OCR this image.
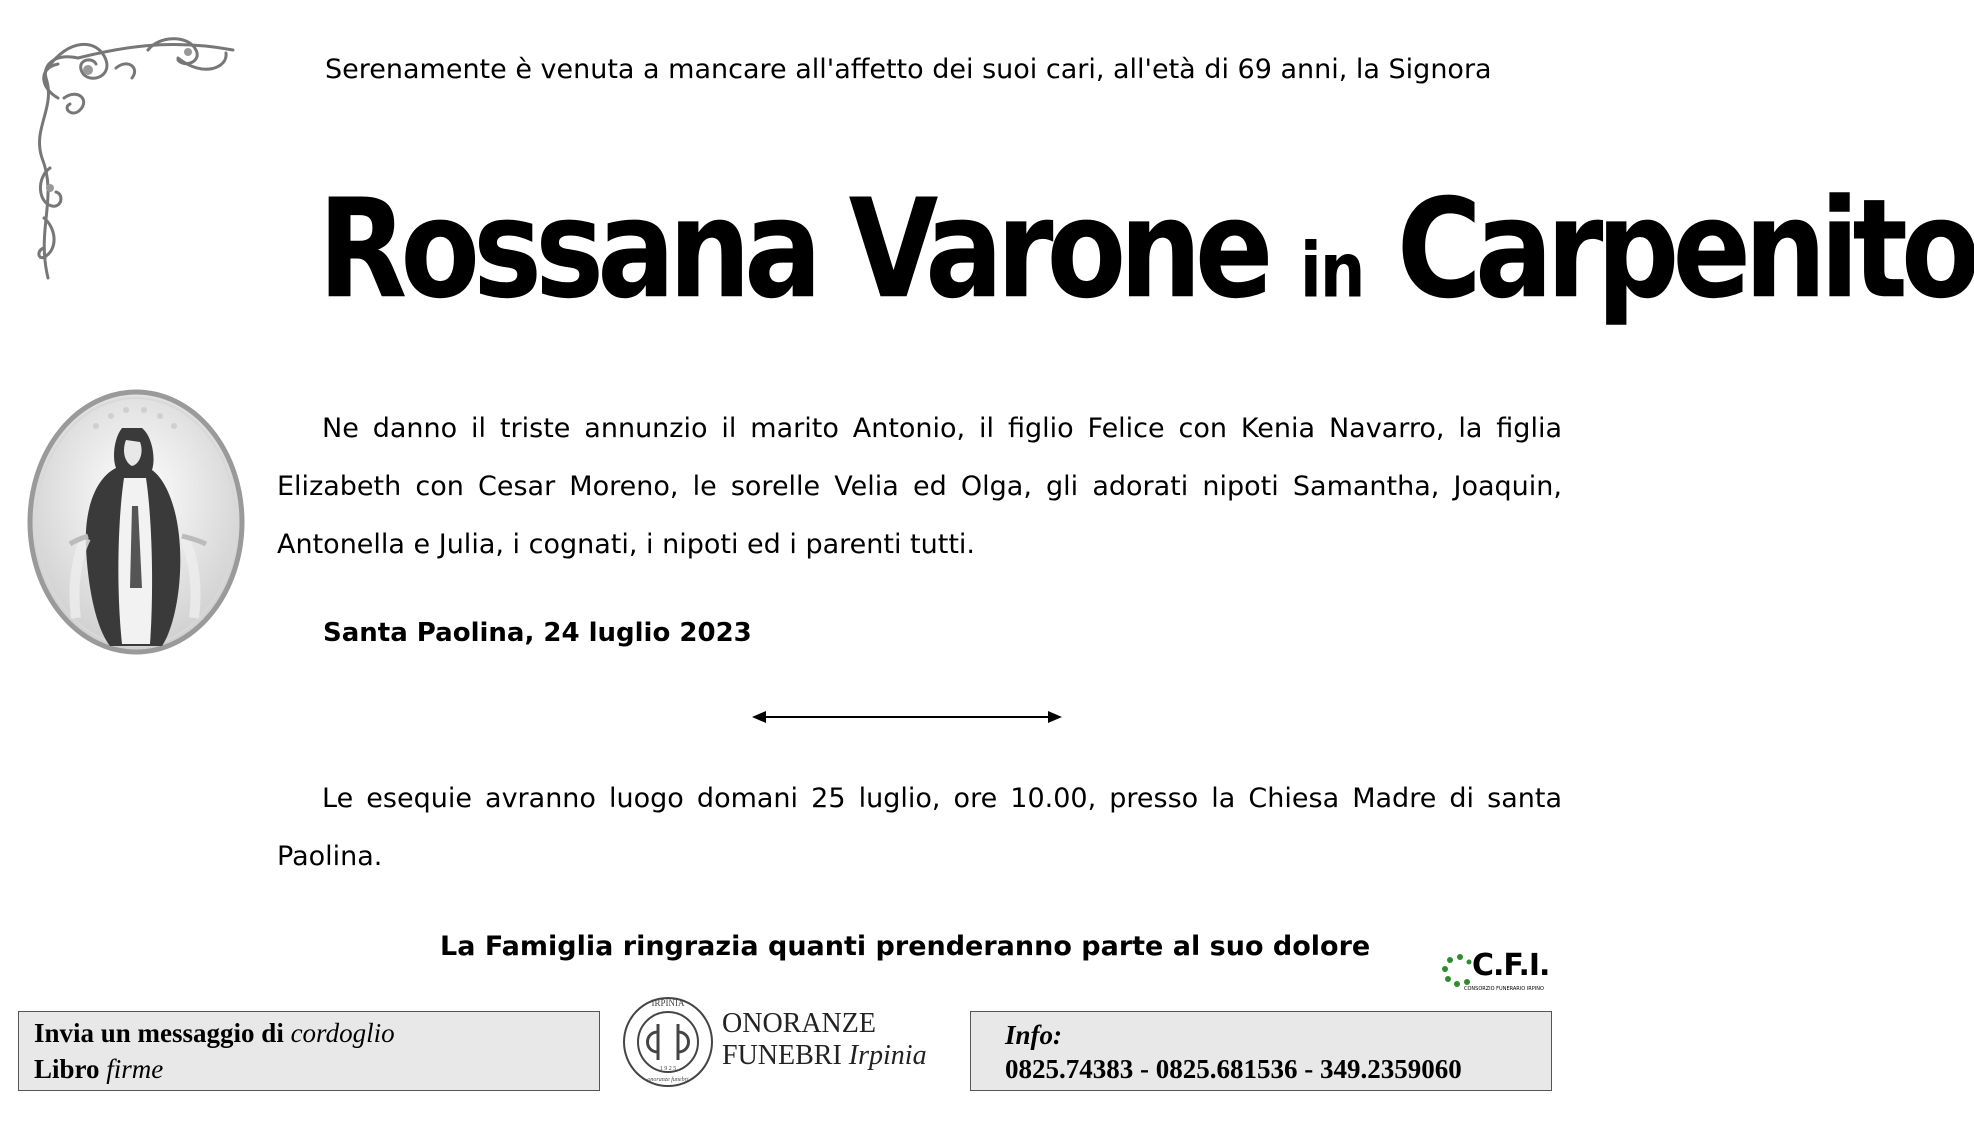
Serenamente è venuta a mancare all'affetto dei suoi cari, all'età di 69 anni, la Signora
Rossana Varone in Carpenito
Ne danno il triste annunzio il marito Antonio, il figlio Felice con Kenia Navarro, la figlia Elizabeth con Cesar Moreno, le sorelle Velia ed Olga, gli adorati nipoti Samantha, Joaquin, Antonella e Julia, i cognati, i nipoti ed i parenti tutti.
Santa Paolina, 24 luglio 2023
Le esequie avranno luogo domani 25 luglio, ore 10.00, presso la Chiesa Madre di santa Paolina.
La Famiglia ringrazia quanti prenderanno parte al suo dolore
C.F.I.
CONSORZIO FUNERARIO IRPINO
Invia un messaggio di cordoglio
Libro firme
IRPINIA
1 9 2 5
onoranze funebri
ONORANZE
FUNEBRI Irpinia
Info:
0825.74383 - 0825.681536 - 349.2359060
